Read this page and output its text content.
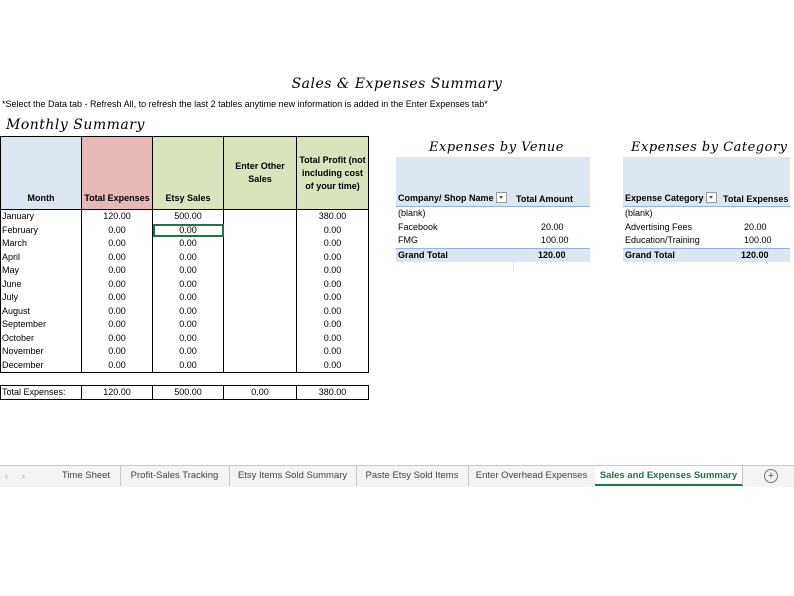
Sales & Expenses Summary
*Select the Data tab - Refresh All, to refresh the last 2 tables anytime new information is added in the Enter Expenses tab*
Monthly Summary
Month	Total Expenses	Etsy Sales	Enter Other Sales	Total Profit (not including cost of your time)
January	120.00	500.00		380.00
February	0.00	0.00		0.00
March	0.00	0.00		0.00
April	0.00	0.00		0.00
May	0.00	0.00		0.00
June	0.00	0.00		0.00
July	0.00	0.00		0.00
August	0.00	0.00		0.00
September	0.00	0.00		0.00
October	0.00	0.00		0.00
November	0.00	0.00		0.00
December	0.00	0.00		0.00

Total Expenses:	120.00	500.00	0.00	380.00
Expenses by Venue
Company/ Shop Name	Total Amount
(blank)
Facebook	20.00
FMG	100.00
Grand Total	120.00
Expenses by Category
Expense Category	Total Expenses
(blank)
Advertising Fees	20.00
Education/Training	100.00
Grand Total	120.00
‹ ›	Time Sheet	Profit-Sales Tracking	Etsy Items Sold Summary	Paste Etsy Sold Items	Enter Overhead Expenses	Sales and Expenses Summary	+
